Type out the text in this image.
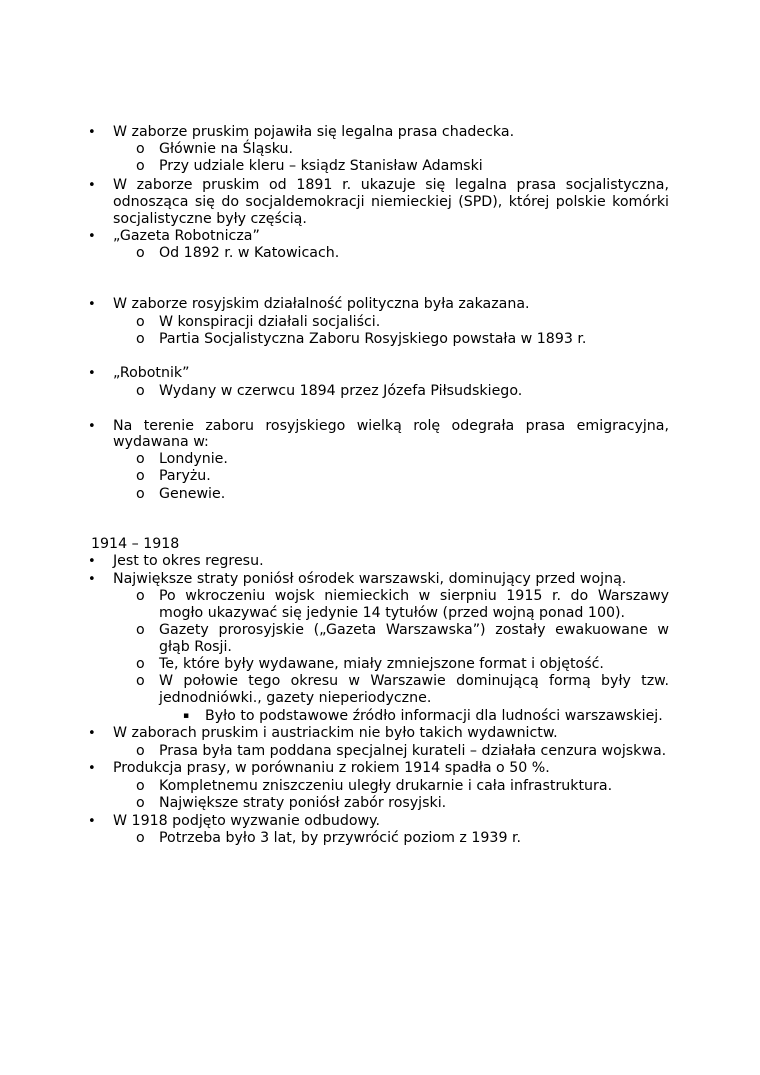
• W zaborze pruskim pojawiła się legalna prasa chadecka.
o Głównie na Śląsku.
o Przy udziale kleru – ksiądz Stanisław Adamski
• W zaborze pruskim od 1891 r. ukazuje się legalna prasa socjalistyczna,
odnosząca się do socjaldemokracji niemieckiej (SPD), której polskie komórki
socjalistyczne były częścią.
• „Gazeta Robotnicza”
o Od 1892 r. w Katowicach.
• W zaborze rosyjskim działalność polityczna była zakazana.
o W konspiracji działali socjaliści.
o Partia Socjalistyczna Zaboru Rosyjskiego powstała w 1893 r.
• „Robotnik”
o Wydany w czerwcu 1894 przez Józefa Piłsudskiego.
• Na terenie zaboru rosyjskiego wielką rolę odegrała prasa emigracyjna,
wydawana w:
o Londynie.
o Paryżu.
o Genewie.
1914 – 1918
• Jest to okres regresu.
• Największe straty poniósł ośrodek warszawski, dominujący przed wojną.
o Po wkroczeniu wojsk niemieckich w sierpniu 1915 r. do Warszawy
mogło ukazywać się jedynie 14 tytułów (przed wojną ponad 100).
o Gazety prorosyjskie („Gazeta Warszawska”) zostały ewakuowane w
głąb Rosji.
o Te, które były wydawane, miały zmniejszone format i objętość.
o W połowie tego okresu w Warszawie dominującą formą były tzw.
jednodniówki., gazety nieperiodyczne.
▪ Było to podstawowe źródło informacji dla ludności warszawskiej.
• W zaborach pruskim i austriackim nie było takich wydawnictw.
o Prasa była tam poddana specjalnej kurateli – działała cenzura wojskwa.
• Produkcja prasy, w porównaniu z rokiem 1914 spadła o 50 %.
o Kompletnemu zniszczeniu uległy drukarnie i cała infrastruktura.
o Największe straty poniósł zabór rosyjski.
• W 1918 podjęto wyzwanie odbudowy.
o Potrzeba było 3 lat, by przywrócić poziom z 1939 r.
